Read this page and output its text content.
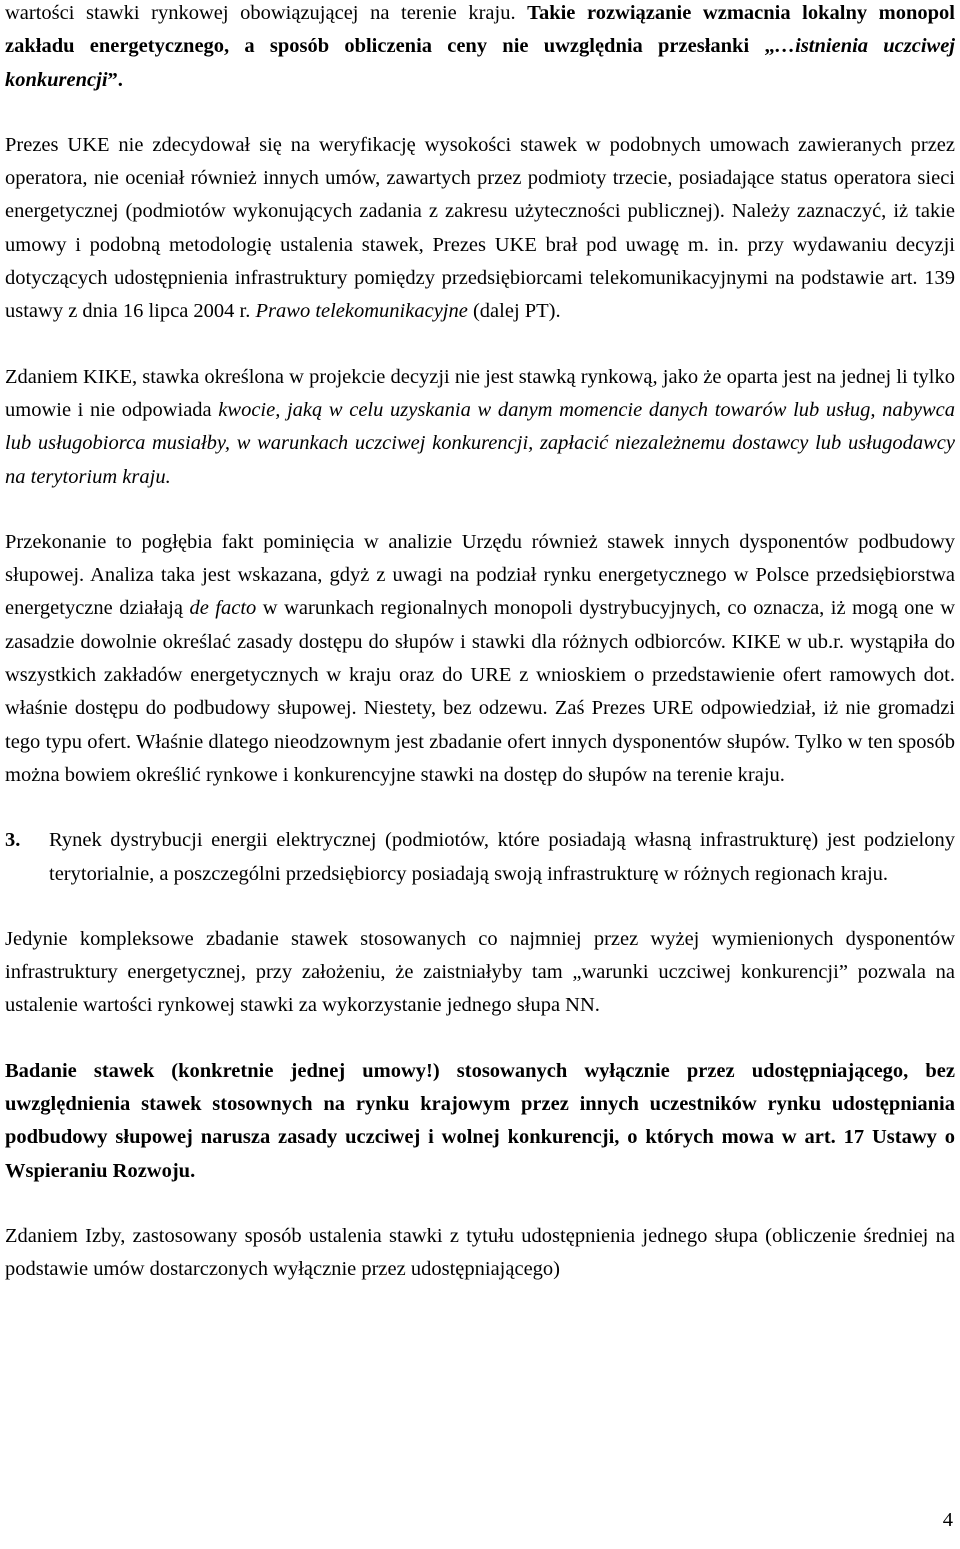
wartości stawki rynkowej obowiązującej na terenie kraju. Takie rozwiązanie wzmacnia lokalny monopol zakładu energetycznego, a sposób obliczenia ceny nie uwzględnia przesłanki „…istnienia uczciwej konkurencji”.

Prezes UKE nie zdecydował się na weryfikację wysokości stawek w podobnych umowach zawieranych przez operatora, nie oceniał również innych umów, zawartych przez podmioty trzecie, posiadające status operatora sieci energetycznej (podmiotów wykonujących zadania z zakresu użyteczności publicznej). Należy zaznaczyć, iż takie umowy i podobną metodologię ustalenia stawek, Prezes UKE brał pod uwagę m. in. przy wydawaniu decyzji dotyczących udostępnienia infrastruktury pomiędzy przedsiębiorcami telekomunikacyjnymi na podstawie art. 139 ustawy z dnia 16 lipca 2004 r. Prawo telekomunikacyjne (dalej PT).

Zdaniem KIKE, stawka określona w projekcie decyzji nie jest stawką rynkową, jako że oparta jest na jednej li tylko umowie i nie odpowiada kwocie, jaką w celu uzyskania w danym momencie danych towarów lub usług, nabywca lub usługobiorca musiałby, w warunkach uczciwej konkurencji, zapłacić niezależnemu dostawcy lub usługodawcy na terytorium kraju.

Przekonanie to pogłębia fakt pominięcia w analizie Urzędu również stawek innych dysponentów podbudowy słupowej. Analiza taka jest wskazana, gdyż z uwagi na podział rynku energetycznego w Polsce przedsiębiorstwa energetyczne działają de facto w warunkach regionalnych monopoli dystrybucyjnych, co oznacza, iż mogą one w zasadzie dowolnie określać zasady dostępu do słupów i stawki dla różnych odbiorców. KIKE w ub.r. wystąpiła do wszystkich zakładów energetycznych w kraju oraz do URE z wnioskiem o przedstawienie ofert ramowych dot. właśnie dostępu do podbudowy słupowej. Niestety, bez odzewu. Zaś Prezes URE odpowiedział, iż nie gromadzi tego typu ofert. Właśnie dlatego nieodzownym jest zbadanie ofert innych dysponentów słupów. Tylko w ten sposób można bowiem określić rynkowe i konkurencyjne stawki na dostęp do słupów na terenie kraju.

3. Rynek dystrybucji energii elektrycznej (podmiotów, które posiadają własną infrastrukturę) jest podzielony terytorialnie, a poszczególni przedsiębiorcy posiadają swoją infrastrukturę w różnych regionach kraju.

Jedynie kompleksowe zbadanie stawek stosowanych co najmniej przez wyżej wymienionych dysponentów infrastruktury energetycznej, przy założeniu, że zaistniałyby tam „warunki uczciwej konkurencji” pozwala na ustalenie wartości rynkowej stawki za wykorzystanie jednego słupa NN.

Badanie stawek (konkretnie jednej umowy!) stosowanych wyłącznie przez udostępniającego, bez uwzględnienia stawek stosownych na rynku krajowym przez innych uczestników rynku udostępniania podbudowy słupowej narusza zasady uczciwej i wolnej konkurencji, o których mowa w art. 17 Ustawy o Wspieraniu Rozwoju.

Zdaniem Izby, zastosowany sposób ustalenia stawki z tytułu udostępnienia jednego słupa (obliczenie średniej na podstawie umów dostarczonych wyłącznie przez udostępniającego)

4
